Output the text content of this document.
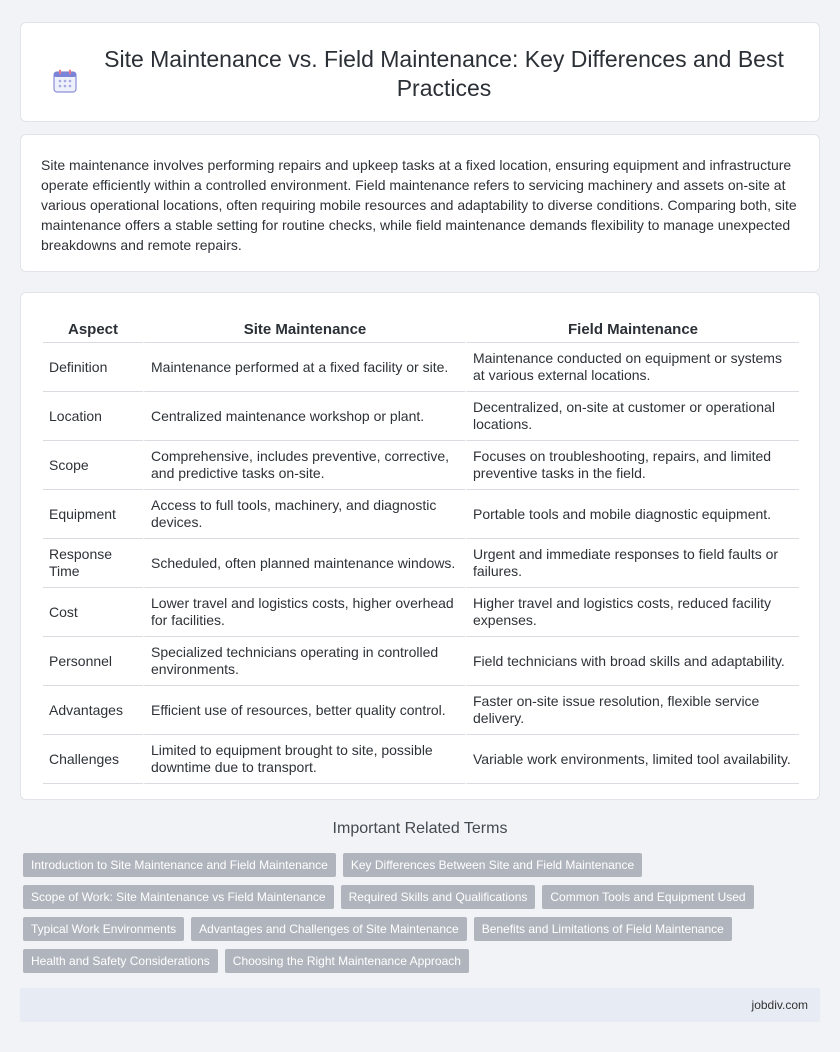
Site Maintenance vs. Field Maintenance: Key Differences and Best Practices

Site maintenance involves performing repairs and upkeep tasks at a fixed location, ensuring equipment and infrastructure operate efficiently within a controlled environment. Field maintenance refers to servicing machinery and assets on-site at various operational locations, often requiring mobile resources and adaptability to diverse conditions. Comparing both, site maintenance offers a stable setting for routine checks, while field maintenance demands flexibility to manage unexpected breakdowns and remote repairs.

Aspect	Site Maintenance	Field Maintenance
Definition	Maintenance performed at a fixed facility or site.	Maintenance conducted on equipment or systems at various external locations.
Location	Centralized maintenance workshop or plant.	Decentralized, on-site at customer or operational locations.
Scope	Comprehensive, includes preventive, corrective, and predictive tasks on-site.	Focuses on troubleshooting, repairs, and limited preventive tasks in the field.
Equipment	Access to full tools, machinery, and diagnostic devices.	Portable tools and mobile diagnostic equipment.
Response Time	Scheduled, often planned maintenance windows.	Urgent and immediate responses to field faults or failures.
Cost	Lower travel and logistics costs, higher overhead for facilities.	Higher travel and logistics costs, reduced facility expenses.
Personnel	Specialized technicians operating in controlled environments.	Field technicians with broad skills and adaptability.
Advantages	Efficient use of resources, better quality control.	Faster on-site issue resolution, flexible service delivery.
Challenges	Limited to equipment brought to site, possible downtime due to transport.	Variable work environments, limited tool availability.
Important Related Terms
Introduction to Site Maintenance and Field Maintenance	Key Differences Between Site and Field Maintenance
Scope of Work: Site Maintenance vs Field Maintenance	Required Skills and Qualifications	Common Tools and Equipment Used
Typical Work Environments	Advantages and Challenges of Site Maintenance	Benefits and Limitations of Field Maintenance
Health and Safety Considerations	Choosing the Right Maintenance Approach
jobdiv.com
